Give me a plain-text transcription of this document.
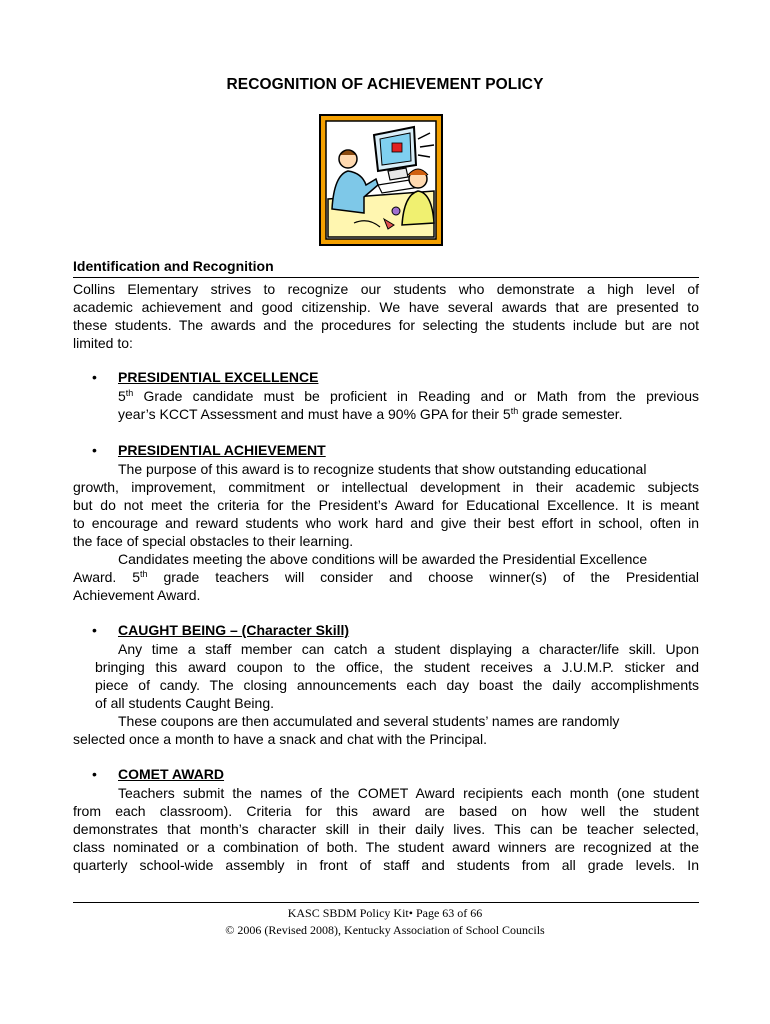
RECOGNITION OF ACHIEVEMENT POLICY
Identification and Recognition
Collins Elementary strives to recognize our students who demonstrate a high level of
academic achievement and good citizenship. We have several awards that are presented to
these students. The awards and the procedures for selecting the students include but are not
limited to:
• PRESIDENTIAL EXCELLENCE
5th Grade candidate must be proficient in Reading and or Math from the previous
year’s KCCT Assessment and must have a 90% GPA for their 5th grade semester.
• PRESIDENTIAL ACHIEVEMENT
The purpose of this award is to recognize students that show outstanding educational
growth, improvement, commitment or intellectual development in their academic subjects
but do not meet the criteria for the President’s Award for Educational Excellence. It is meant
to encourage and reward students who work hard and give their best effort in school, often in
the face of special obstacles to their learning.
Candidates meeting the above conditions will be awarded the Presidential Excellence
Award. 5th grade teachers will consider and choose winner(s) of the Presidential
Achievement Award.
• CAUGHT BEING – (Character Skill)
Any time a staff member can catch a student displaying a character/life skill. Upon
bringing this award coupon to the office, the student receives a J.U.M.P. sticker and
piece of candy. The closing announcements each day boast the daily accomplishments
of all students Caught Being.
These coupons are then accumulated and several students’ names are randomly
selected once a month to have a snack and chat with the Principal.
• COMET AWARD
Teachers submit the names of the COMET Award recipients each month (one student
from each classroom). Criteria for this award are based on how well the student
demonstrates that month’s character skill in their daily lives. This can be teacher selected,
class nominated or a combination of both. The student award winners are recognized at the
quarterly school-wide assembly in front of staff and students from all grade levels. In
KASC SBDM Policy Kit• Page 63 of 66
© 2006 (Revised 2008), Kentucky Association of School Councils
